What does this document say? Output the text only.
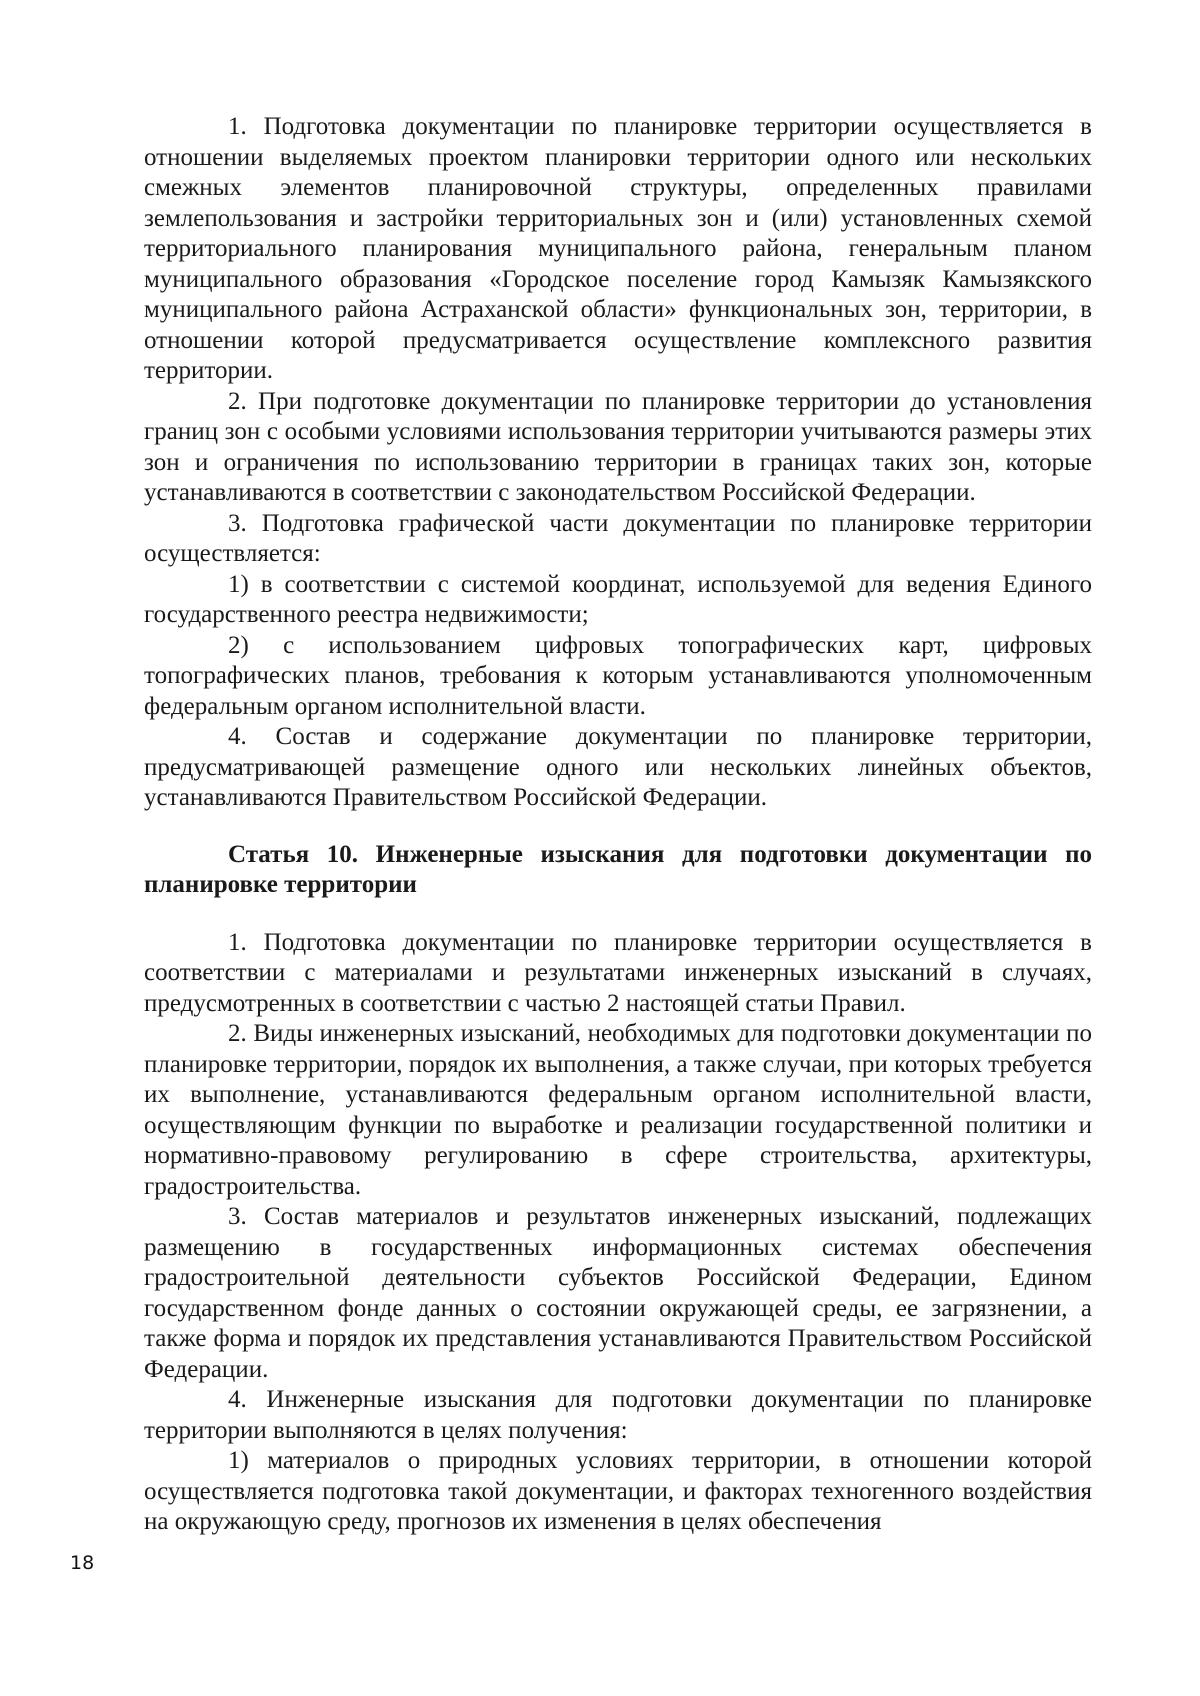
1. Подготовка документации по планировке территории осуществляется в отношении выделяемых проектом планировки территории одного или нескольких смежных элементов планировочной структуры, определенных правилами землепользования и застройки территориальных зон и (или) установленных схемой территориального планирования муниципального района, генеральным планом муниципального образования «Городское поселение город Камызяк Камызякского муниципального района Астраханской области» функциональных зон, территории, в отношении которой предусматривается осуществление комплексного развития территории.

2. При подготовке документации по планировке территории до установления границ зон с особыми условиями использования территории учитываются размеры этих зон и ограничения по использованию территории в границах таких зон, которые устанавливаются в соответствии с законодательством Российской Федерации.

3. Подготовка графической части документации по планировке территории осуществляется:

1) в соответствии с системой координат, используемой для ведения Единого государственного реестра недвижимости;

2) с использованием цифровых топографических карт, цифровых топографических планов, требования к которым устанавливаются уполномоченным федеральным органом исполнительной власти.

4. Состав и содержание документации по планировке территории, предусматривающей размещение одного или нескольких линейных объектов, устанавливаются Правительством Российской Федерации.

Статья 10. Инженерные изыскания для подготовки документации по планировке территории

1. Подготовка документации по планировке территории осуществляется в соответствии с материалами и результатами инженерных изысканий в случаях, предусмотренных в соответствии с частью 2 настоящей статьи Правил.

2. Виды инженерных изысканий, необходимых для подготовки документации по планировке территории, порядок их выполнения, а также случаи, при которых требуется их выполнение, устанавливаются федеральным органом исполнительной власти, осуществляющим функции по выработке и реализации государственной политики и нормативно-правовому регулированию в сфере строительства, архитектуры, градостроительства.

3. Состав материалов и результатов инженерных изысканий, подлежащих размещению в государственных информационных системах обеспечения градостроительной деятельности субъектов Российской Федерации, Едином государственном фонде данных о состоянии окружающей среды, ее загрязнении, а также форма и порядок их представления устанавливаются Правительством Российской Федерации.

4. Инженерные изыскания для подготовки документации по планировке территории выполняются в целях получения:

1) материалов о природных условиях территории, в отношении которой осуществляется подготовка такой документации, и факторах техногенного воздействия на окружающую среду, прогнозов их изменения в целях обеспечения

18
